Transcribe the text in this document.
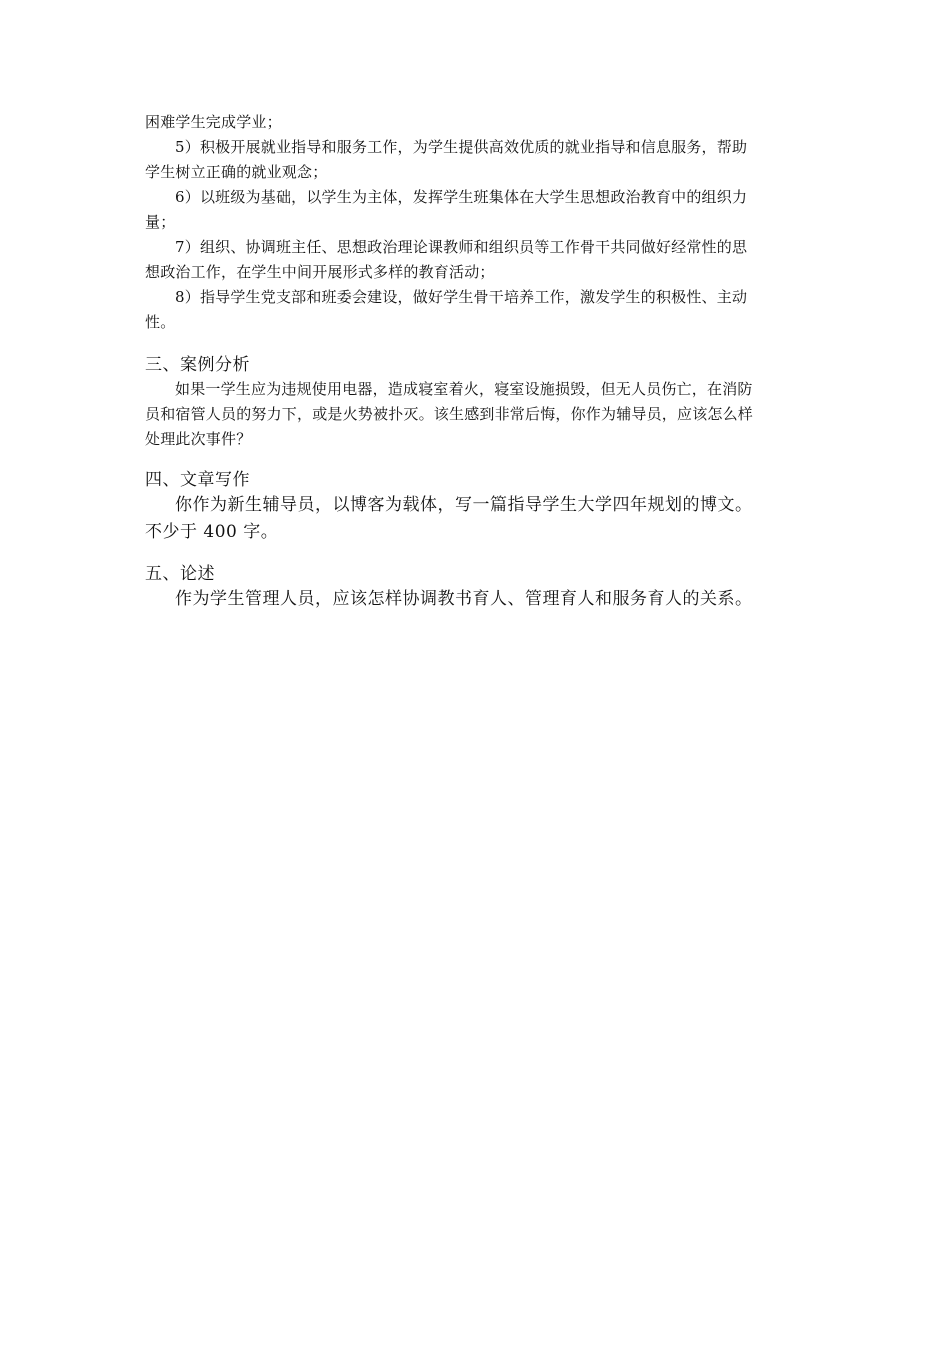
困难学生完成学业；

5）积极开展就业指导和服务工作，为学生提供高效优质的就业指导和信息服务，帮助

学生树立正确的就业观念；

6）以班级为基础，以学生为主体，发挥学生班集体在大学生思想政治教育中的组织力

量；

7）组织、协调班主任、思想政治理论课教师和组织员等工作骨干共同做好经常性的思

想政治工作，在学生中间开展形式多样的教育活动；

8）指导学生党支部和班委会建设，做好学生骨干培养工作，激发学生的积极性、主动

性。

三、案例分析

如果一学生应为违规使用电器，造成寝室着火，寝室设施损毁，但无人员伤亡，在消防

员和宿管人员的努力下，或是火势被扑灭。该生感到非常后悔，你作为辅导员，应该怎么样

处理此次事件？

四、文章写作

你作为新生辅导员，以博客为载体，写一篇指导学生大学四年规划的博文。

不少于 400 字。

五、论述

作为学生管理人员，应该怎样协调教书育人、管理育人和服务育人的关系。
